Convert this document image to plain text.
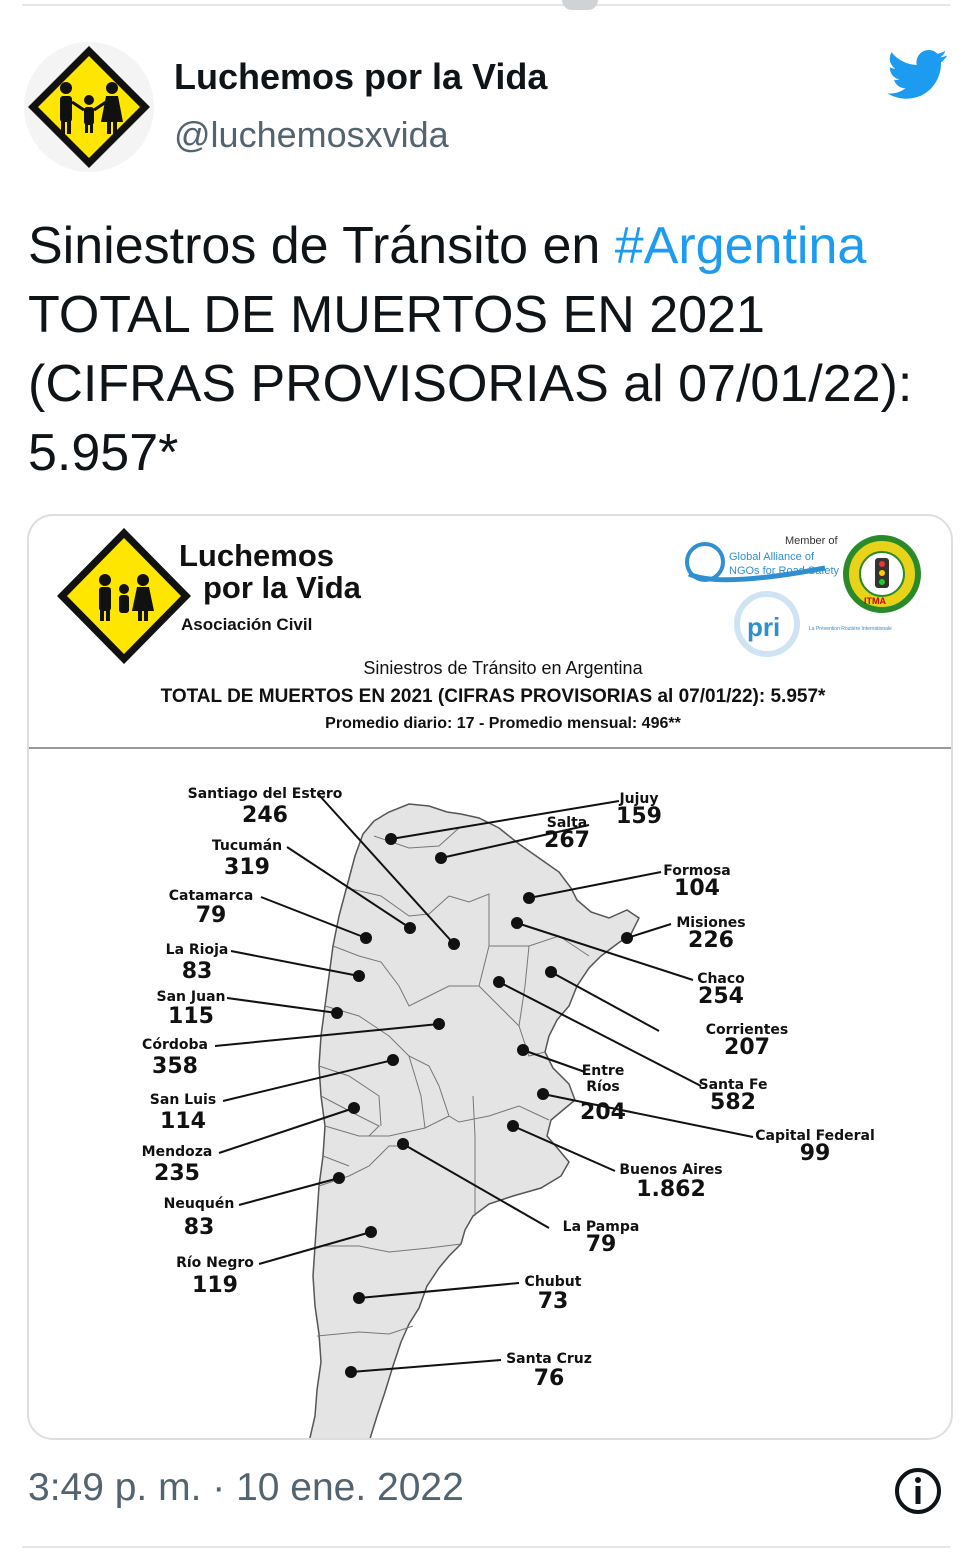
Luchemos por la Vida
@luchemosxvida
Siniestros de Tránsito en #Argentina
TOTAL DE MUERTOS EN 2021
(CIFRAS PROVISORIAS al 07/01/22):
5.957*
Luchemos
por la Vida
Asociación Civil
Member of
Global Alliance of
NGOs for Road Safety
ITMA
pri	La Prévention Routière Internationale
Siniestros de Tránsito en Argentina
TOTAL DE MUERTOS EN 2021 (CIFRAS PROVISORIAS al 07/01/22): 5.957*
Promedio diario: 17 - Promedio mensual: 496**
Santiago del Estero
246
Tucumán
319
Catamarca
79
La Rioja
83
San Juan
115
Córdoba
358
San Luis
114
Mendoza
235
Neuquén
83
Río Negro
119
Jujuy
159
Salta
267
Formosa
104
Misiones
226
Chaco
254
Corrientes
207
Santa Fe
582
Entre
Ríos
204
Capital Federal
99
Buenos Aires
1.862
La Pampa
79
Chubut
73
Santa Cruz
76
3:49 p. m. · 10 ene. 2022
